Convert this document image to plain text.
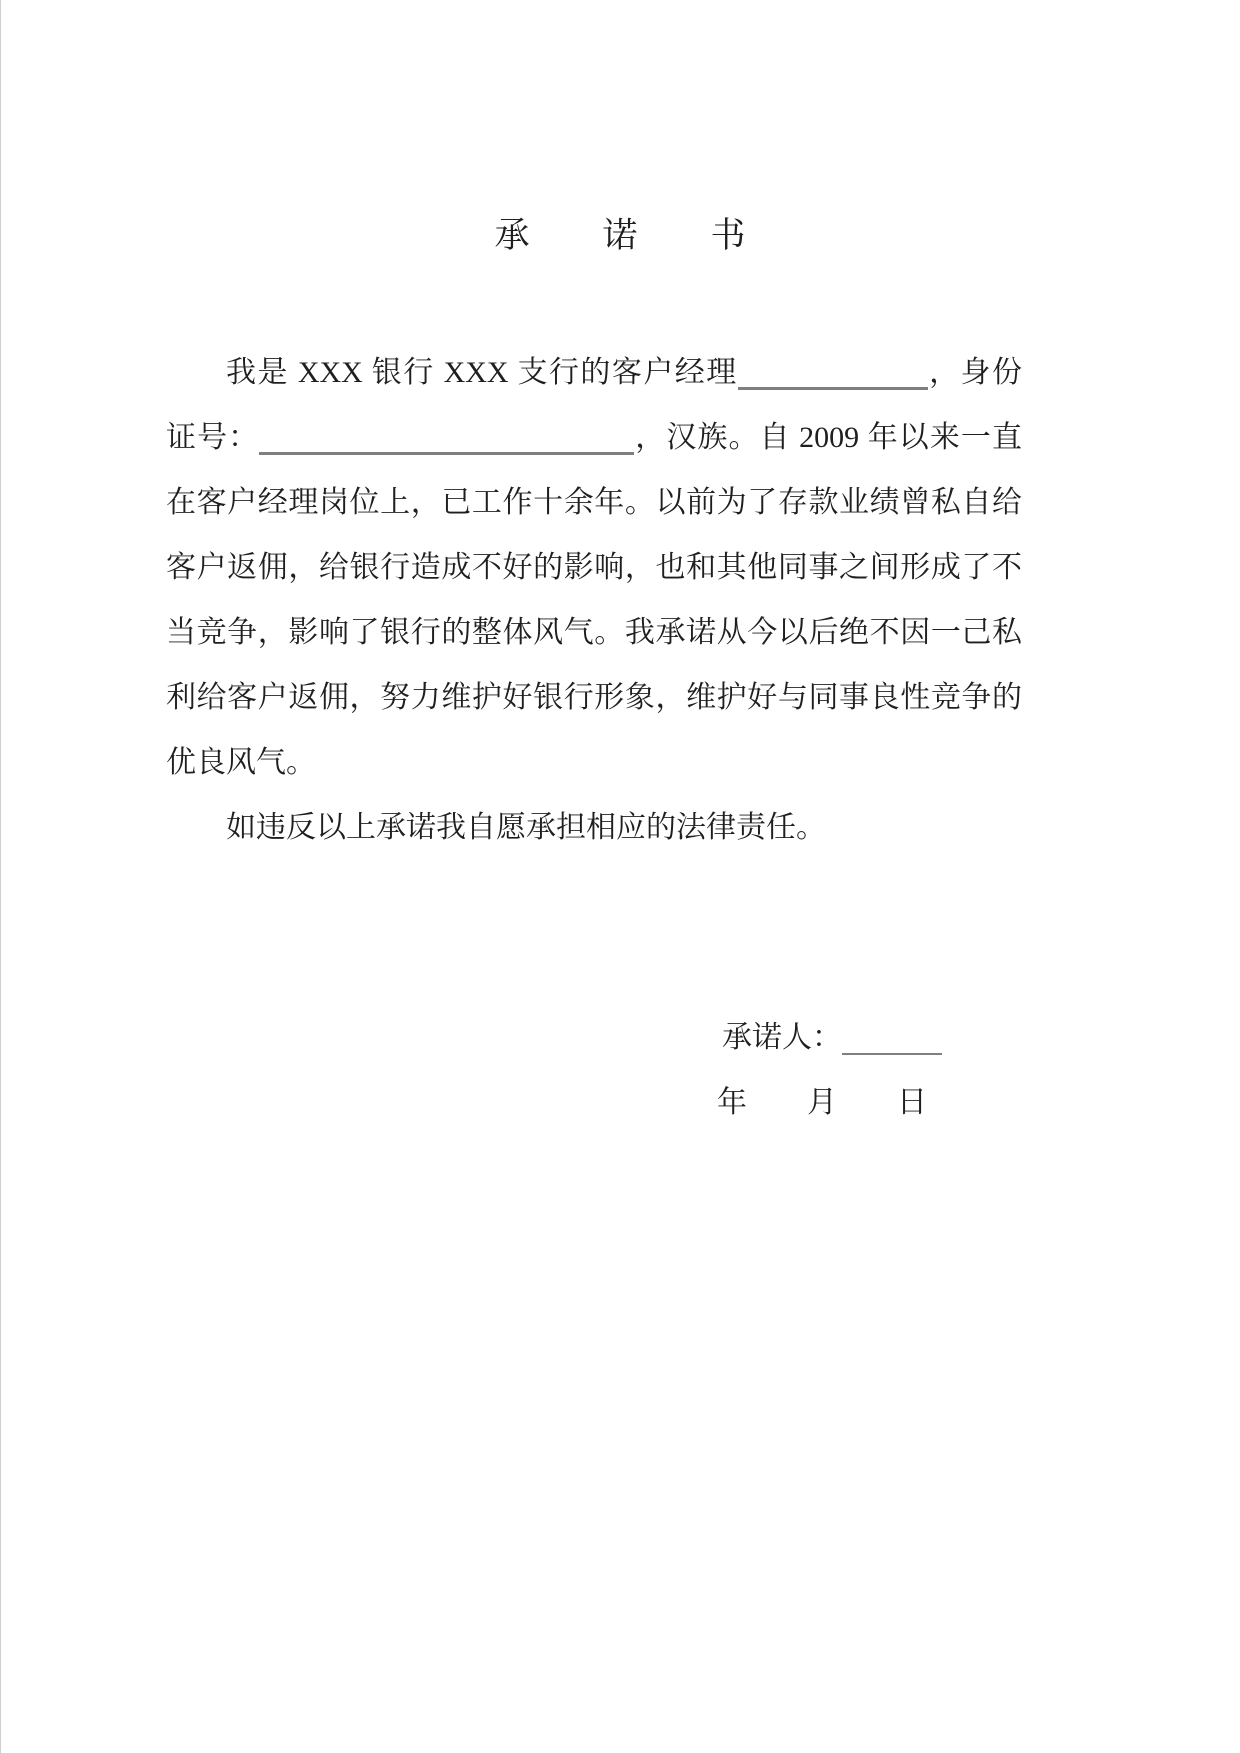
承　　诺　　书

我是 XXX 银行 XXX 支行的客户经理	，身份证号：	，汉族。自 2009 年以来一直在客户经理岗位上，已工作十余年。以前为了存款业绩曾私自给客户返佣，给银行造成不好的影响，也和其他同事之间形成了不当竞争，影响了银行的整体风气。我承诺从今以后绝不因一己私利给客户返佣，努力维护好银行形象，维护好与同事良性竞争的优良风气。

如违反以上承诺我自愿承担相应的法律责任。

承诺人：

年　　月　　日
